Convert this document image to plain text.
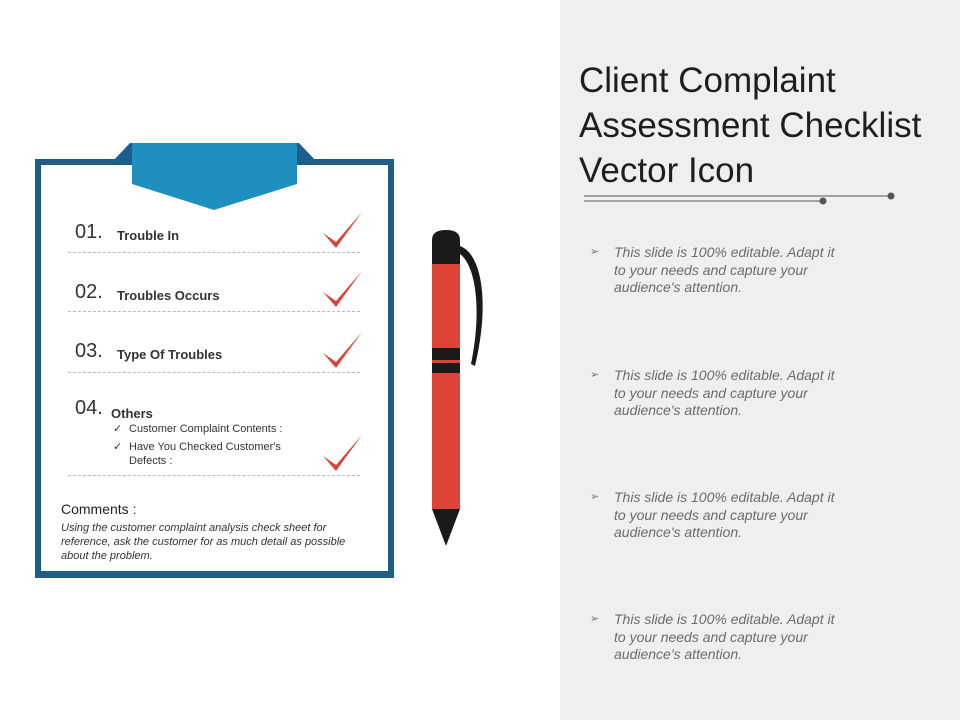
Client Complaint Assessment Checklist Vector Icon
➢ This slide is 100% editable. Adapt it to your needs and capture your audience's attention.
➢ This slide is 100% editable. Adapt it to your needs and capture your audience's attention.
➢ This slide is 100% editable. Adapt it to your needs and capture your audience's attention.
➢ This slide is 100% editable. Adapt it to your needs and capture your audience's attention.
01. Trouble In
02. Troubles Occurs
03. Type Of Troubles
04. Others
✓ Customer Complaint Contents :
✓ Have You Checked Customer's Defects :
Comments :
Using the customer complaint analysis check sheet for reference, ask the customer for as much detail as possible about the problem.
